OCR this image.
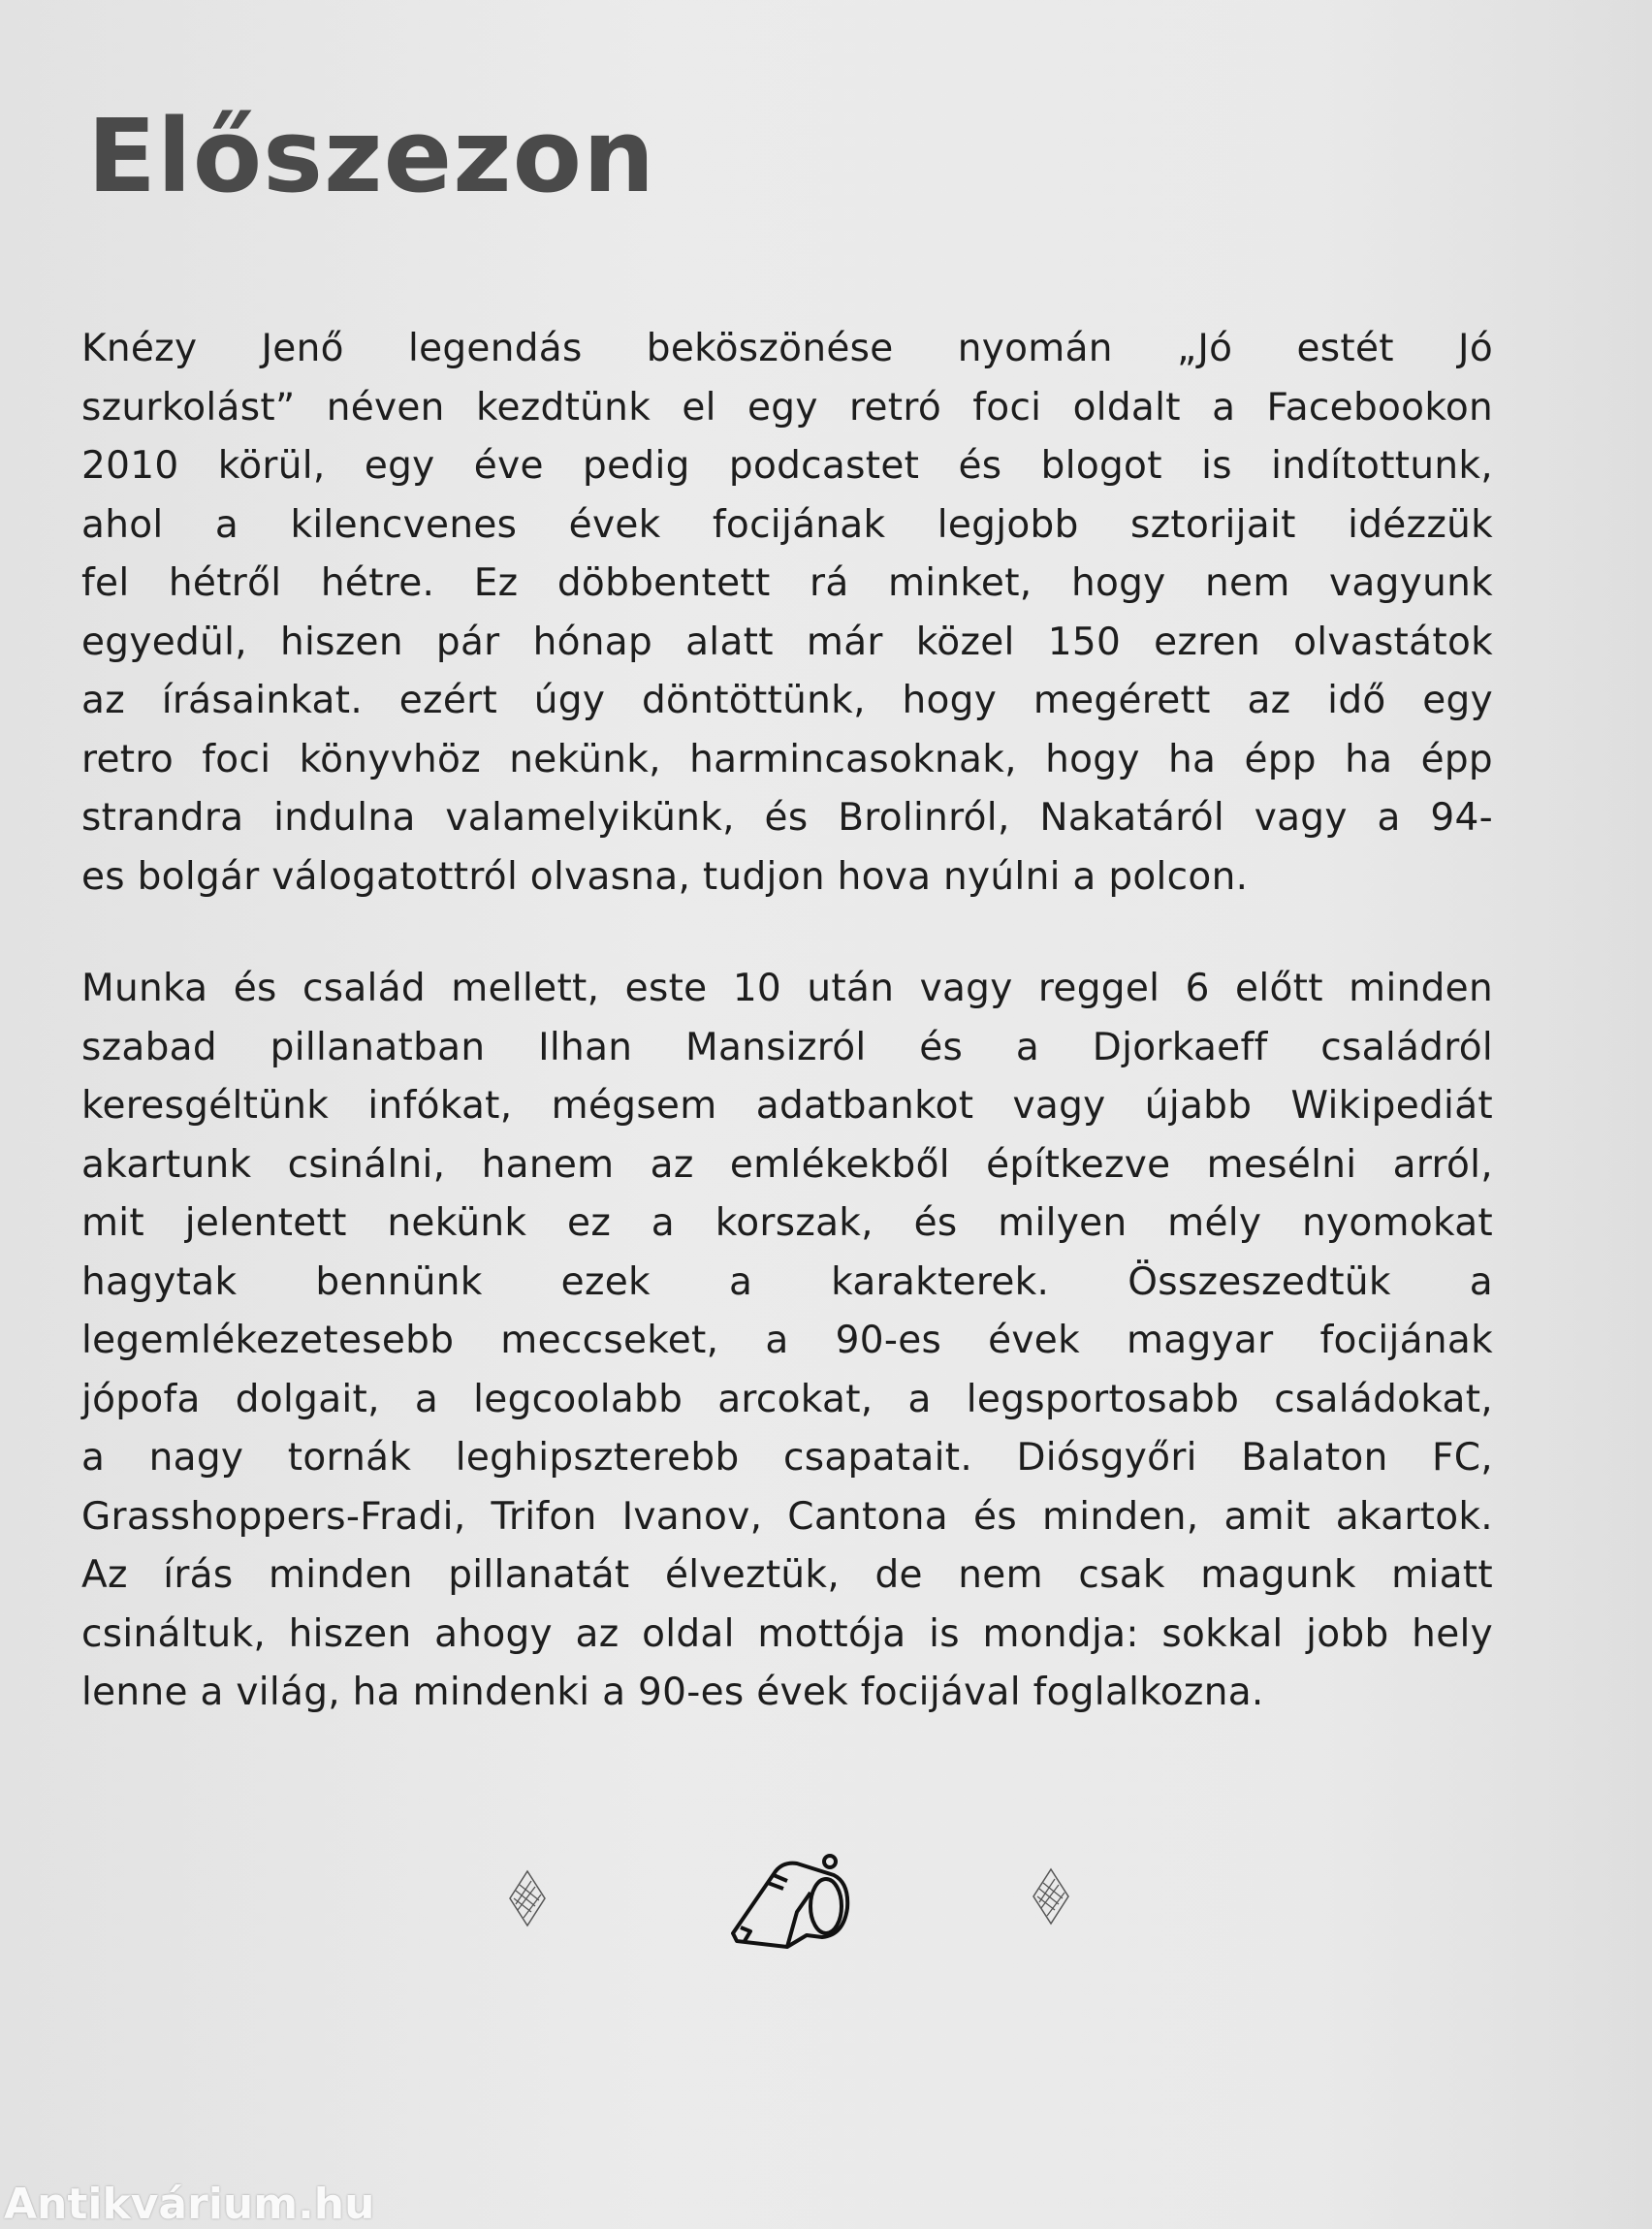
Előszezon
Knézy Jenő legendás beköszönése nyomán „Jó estét Jó
szurkolást” néven kezdtünk el egy retró foci oldalt a Facebookon
2010 körül, egy éve pedig podcastet és blogot is indítottunk,
ahol a kilencvenes évek focijának legjobb sztorijait idézzük
fel hétről hétre. Ez döbbentett rá minket, hogy nem vagyunk
egyedül, hiszen pár hónap alatt már közel 150 ezren olvastátok
az írásainkat. ezért úgy döntöttünk, hogy megérett az idő egy
retro foci könyvhöz nekünk, harmincasoknak, hogy ha épp ha épp
strandra indulna valamelyikünk, és Brolinról, Nakatáról vagy a 94-
es bolgár válogatottról olvasna, tudjon hova nyúlni a polcon.
Munka és család mellett, este 10 után vagy reggel 6 előtt minden
szabad pillanatban Ilhan Mansizról és a Djorkaeff családról
keresgéltünk infókat, mégsem adatbankot vagy újabb Wikipediát
akartunk csinálni, hanem az emlékekből építkezve mesélni arról,
mit jelentett nekünk ez a korszak, és milyen mély nyomokat
hagytak bennünk ezek a karakterek. Összeszedtük a
legemlékezetesebb meccseket, a 90-es évek magyar focijának
jópofa dolgait, a legcoolabb arcokat, a legsportosabb családokat,
a nagy tornák leghipszterebb csapatait. Diósgyőri Balaton FC,
Grasshoppers-Fradi, Trifon Ivanov, Cantona és minden, amit akartok.
Az írás minden pillanatát élveztük, de nem csak magunk miatt
csináltuk, hiszen ahogy az oldal mottója is mondja: sokkal jobb hely
lenne a világ, ha mindenki a 90-es évek focijával foglalkozna.
Antikvárium.hu
